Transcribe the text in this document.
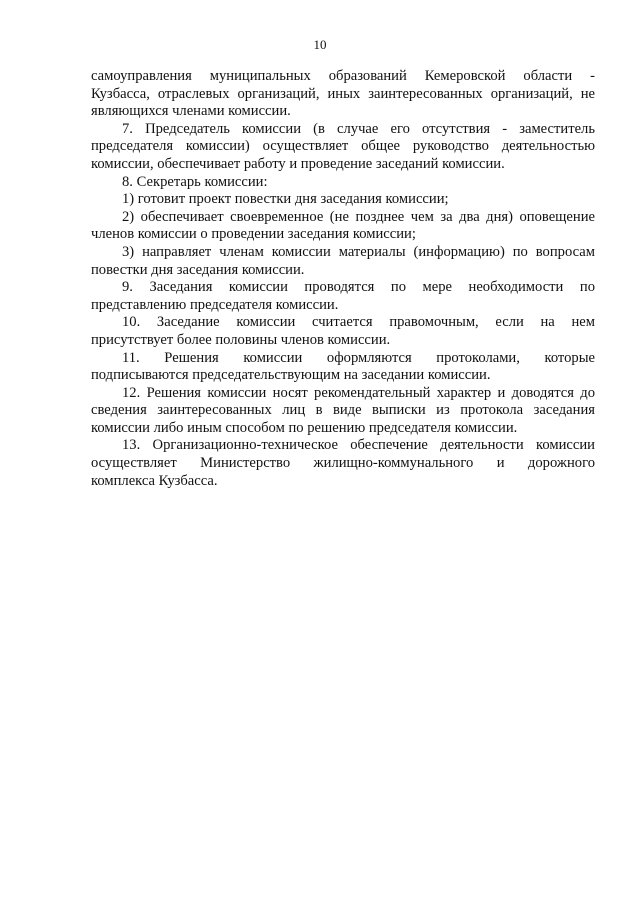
10

самоуправления муниципальных образований Кемеровской области -
Кузбасса, отраслевых организаций, иных заинтересованных организаций, не
являющихся членами комиссии.

7. Председатель комиссии (в случае его отсутствия - заместитель
председателя комиссии) осуществляет общее руководство деятельностью
комиссии, обеспечивает работу и проведение заседаний комиссии.

8. Секретарь комиссии:

1) готовит проект повестки дня заседания комиссии;

2) обеспечивает своевременное (не позднее чем за два дня) оповещение
членов комиссии о проведении заседания комиссии;

3) направляет членам комиссии материалы (информацию) по вопросам
повестки дня заседания комиссии.

9. Заседания комиссии проводятся по мере необходимости по
представлению председателя комиссии.

10. Заседание комиссии считается правомочным, если на нем
присутствует более половины членов комиссии.

11. Решения комиссии оформляются протоколами, которые
подписываются председательствующим на заседании комиссии.

12. Решения комиссии носят рекомендательный характер и доводятся до
сведения заинтересованных лиц в виде выписки из протокола заседания
комиссии либо иным способом по решению председателя комиссии.

13. Организационно-техническое обеспечение деятельности комиссии
осуществляет Министерство жилищно-коммунального и дорожного
комплекса Кузбасса.
